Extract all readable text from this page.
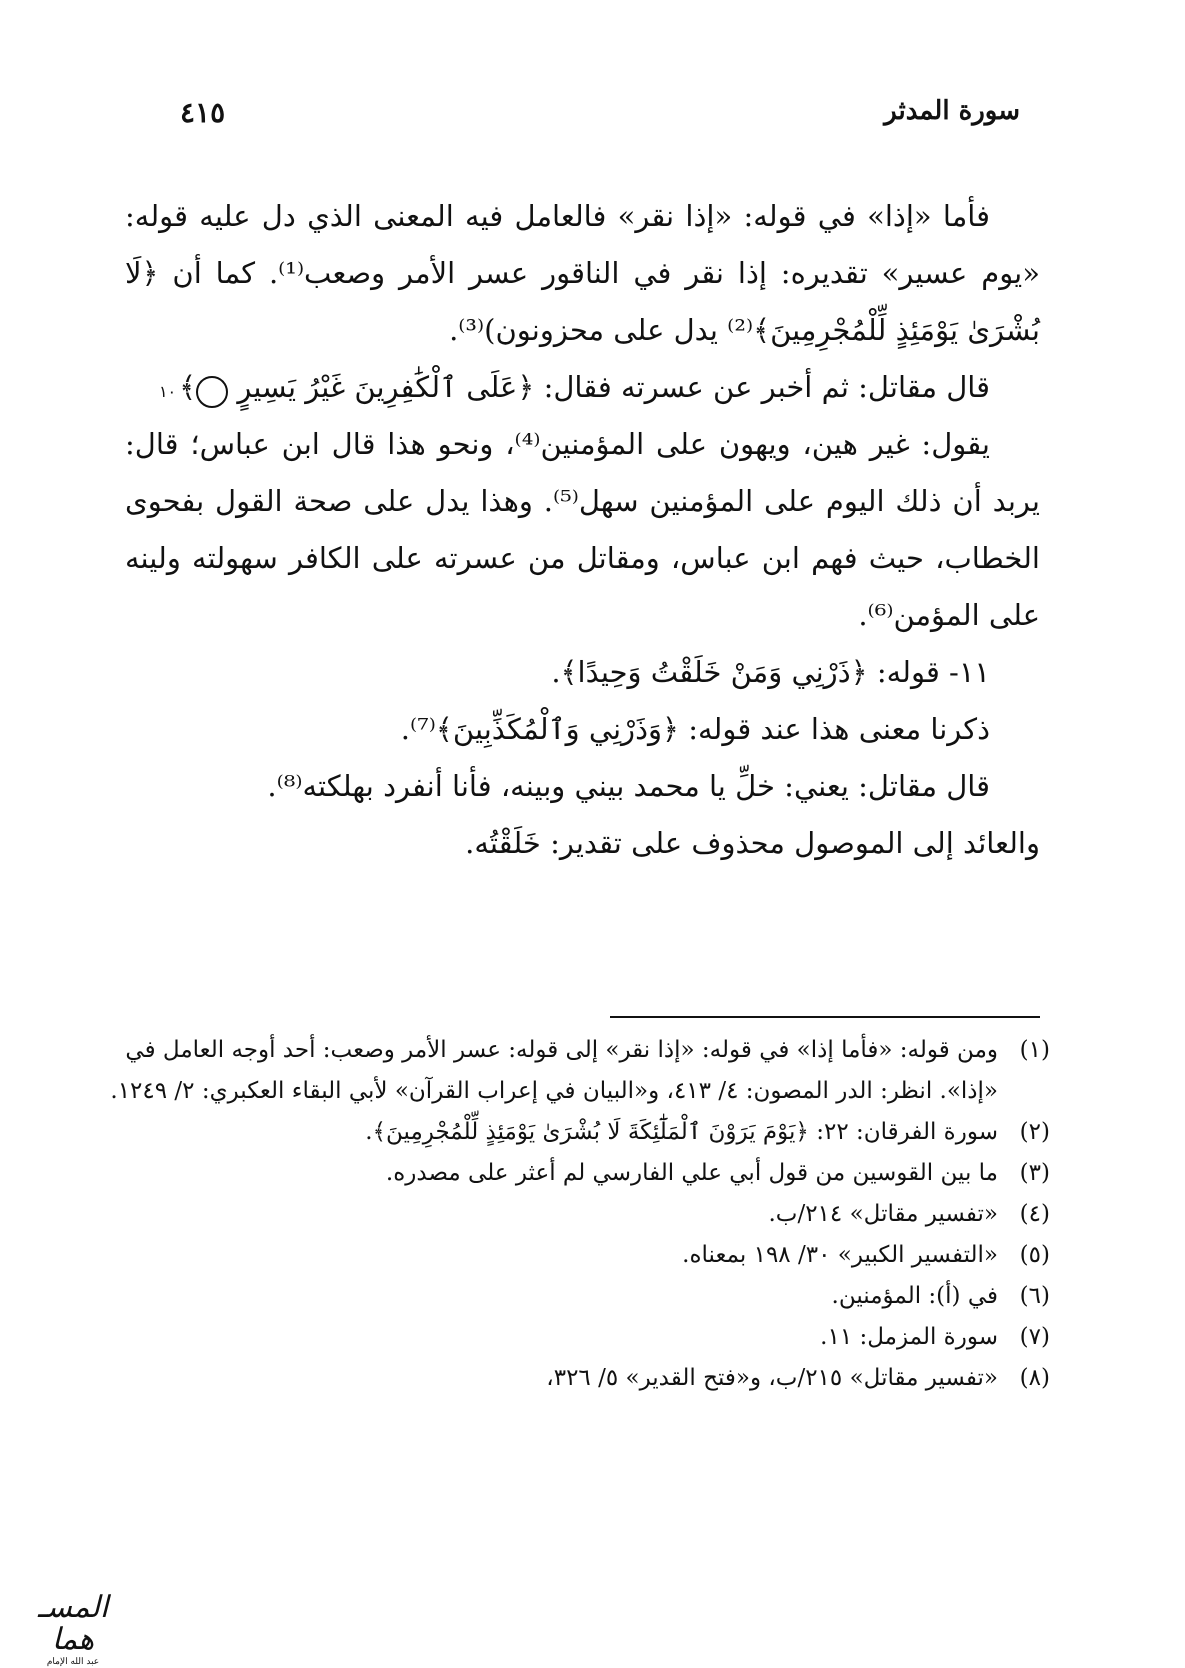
سورة المدثر
٤١٥

فأما «إذا» في قوله: «إذا نقر» فالعامل فيه المعنى الذي دل عليه قوله: «يوم عسير» تقديره: إذا نقر في الناقور عسر الأمر وصعب⁽¹⁾. كما أن ﴿لَا بُشْرَىٰ يَوْمَئِذٍ لِّلْمُجْرِمِينَ﴾⁽²⁾ يدل على محزونون)⁽³⁾.

قال مقاتل: ثم أخبر عن عسرته فقال: ﴿عَلَى ٱلْكَٰفِرِينَ غَيْرُ يَسِيرٍ ١٠ ﴾

يقول: غير هين، ويهون على المؤمنين⁽⁴⁾، ونحو هذا قال ابن عباس؛ قال: يربد أن ذلك اليوم على المؤمنين سهل⁽⁵⁾. وهذا يدل على صحة القول بفحوى الخطاب، حيث فهم ابن عباس، ومقاتل من عسرته على الكافر سهولته ولينه على المؤمن⁽⁶⁾.

١١- قوله: ﴿ذَرْنِي وَمَنْ خَلَقْتُ وَحِيدًا﴾.

ذكرنا معنى هذا عند قوله: ﴿وَذَرْنِي وَٱلْمُكَذِّبِينَ﴾⁽⁷⁾.

قال مقاتل: يعني: خلِّ يا محمد بيني وبينه، فأنا أنفرد بهلكته⁽⁸⁾.

والعائد إلى الموصول محذوف على تقدير: خَلَقْتُه.

(١)
ومن قوله: «فأما إذا» في قوله: «إذا نقر» إلى قوله: عسر الأمر وصعب: أحد أوجه العامل في «إذا». انظر: الدر المصون: ٤/ ٤١٣، و«البيان في إعراب القرآن» لأبي البقاء العكبري: ٢/ ١٢٤٩.
(٢)
سورة الفرقان: ٢٢: ﴿يَوْمَ يَرَوْنَ ٱلْمَلَٰٓئِكَةَ لَا بُشْرَىٰ يَوْمَئِذٍ لِّلْمُجْرِمِينَ﴾.
(٣)
ما بين القوسين من قول أبي علي الفارسي لم أعثر على مصدره.
(٤)
«تفسير مقاتل» ٢١٤/ب.
(٥)
«التفسير الكبير» ٣٠/ ١٩٨ بمعناه.
(٦)
في (أ): المؤمنين.
(٧)
سورة المزمل: ١١.
(٨)
«تفسير مقاتل» ٢١٥/ب، و«فتح القدير» ٥/ ٣٢٦،
المسـ هما
عبد الله الإمام
